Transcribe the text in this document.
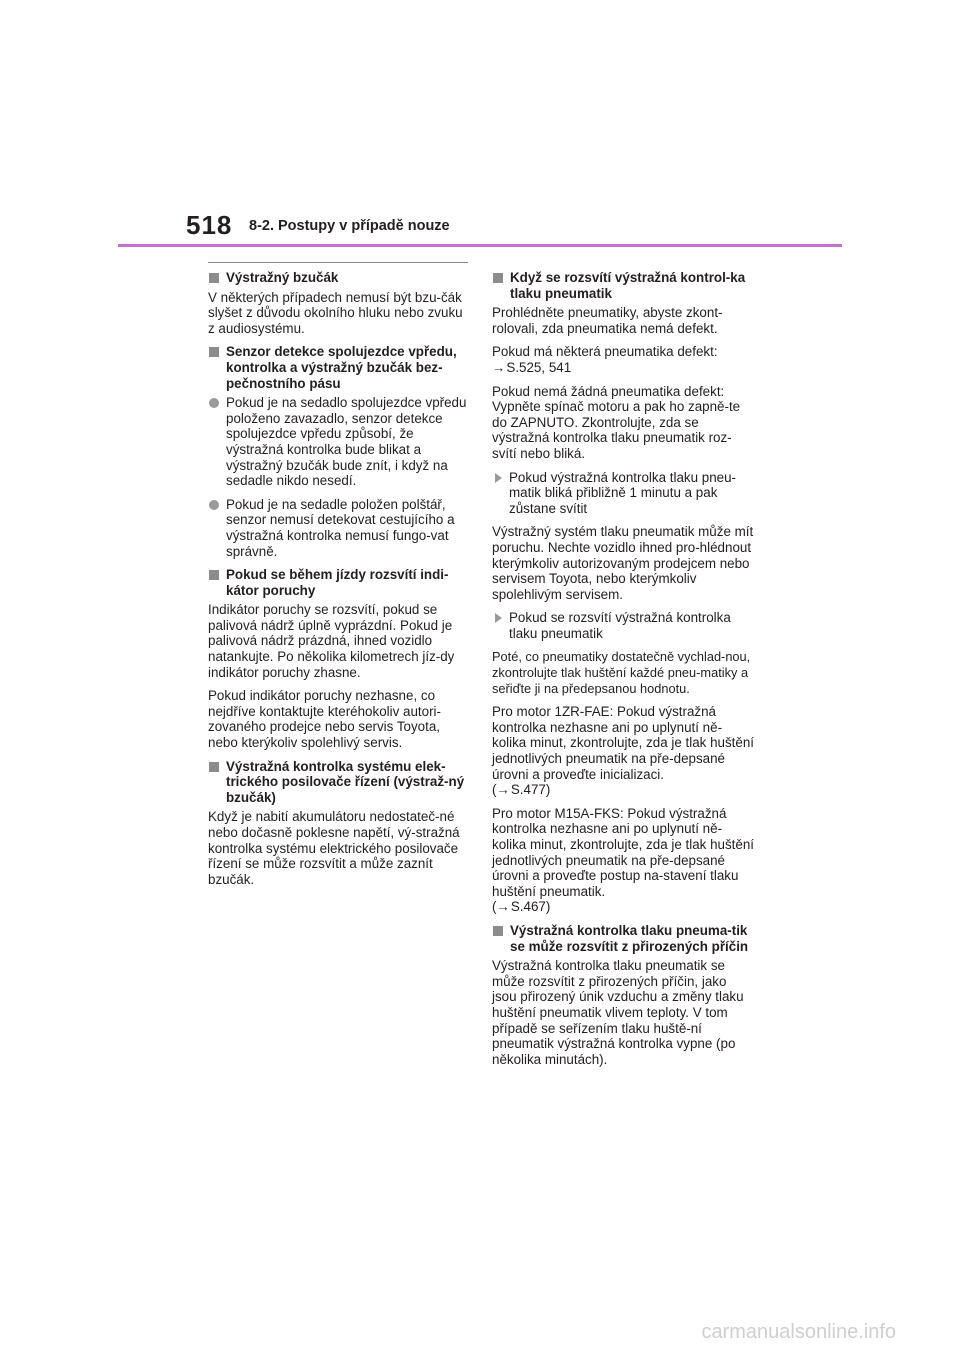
518 8-2. Postupy v případě nouze
Výstražný bzučák

V některých případech nemusí být bzu-čák slyšet z důvodu okolního hluku nebo zvuku z audiosystému.

Senzor detekce spolujezdce vpředu, kontrolka a výstražný bzučák bez-pečnostního pásu
Pokud je na sedadlo spolujezdce vpředu položeno zavazadlo, senzor detekce spolujezdce vpředu způsobí, že výstražná kontrolka bude blikat a výstražný bzučák bude znít, i když na sedadle nikdo nesedí.
Pokud je na sedadle položen polštář, senzor nemusí detekovat cestujícího a výstražná kontrolka nemusí fungo-vat správně.
Pokud se během jízdy rozsvítí indi-kátor poruchy

Indikátor poruchy se rozsvítí, pokud se palivová nádrž úplně vyprázdní. Pokud je palivová nádrž prázdná, ihned vozidlo natankujte. Po několika kilometrech jíz-dy indikátor poruchy zhasne.

Pokud indikátor poruchy nezhasne, co nejdříve kontaktujte kteréhokoliv autori-zovaného prodejce nebo servis Toyota, nebo kterýkoliv spolehlivý servis.

Výstražná kontrolka systému elek-trického posilovače řízení (výstraž-ný bzučák)

Když je nabití akumulátoru nedostateč-né nebo dočasně poklesne napětí, vý-stražná kontrolka systému elektrického posilovače řízení se může rozsvítit a může zaznít bzučák.

Když se rozsvítí výstražná kontrol-ka tlaku pneumatik

Prohlédněte pneumatiky, abyste zkont-rolovali, zda pneumatika nemá defekt.

Pokud má některá pneumatika defekt:
→S.525, 541

Pokud nemá žádná pneumatika defekt: Vypněte spínač motoru a pak ho zapně-te do ZAPNUTO. Zkontrolujte, zda se výstražná kontrolka tlaku pneumatik roz-svítí nebo bliká.

Pokud výstražná kontrolka tlaku pneu-matik bliká přibližně 1 minutu a pak zůstane svítit

Výstražný systém tlaku pneumatik může mít poruchu. Nechte vozidlo ihned pro-hlédnout kterýmkoliv autorizovaným prodejcem nebo servisem Toyota, nebo kterýmkoliv spolehlivým servisem.

Pokud se rozsvítí výstražná kontrolka tlaku pneumatik

Poté, co pneumatiky dostatečně vychlad-nou, zkontrolujte tlak huštění každé pneu-matiky a seřiďte ji na předepsanou hodnotu.

Pro motor 1ZR-FAE: Pokud výstražná kontrolka nezhasne ani po uplynutí ně-kolika minut, zkontrolujte, zda je tlak huštění jednotlivých pneumatik na pře-depsané úrovni a proveďte inicializaci.
(→S.477)

Pro motor M15A-FKS: Pokud výstražná kontrolka nezhasne ani po uplynutí ně-kolika minut, zkontrolujte, zda je tlak huštění jednotlivých pneumatik na pře-depsané úrovni a proveďte postup na-stavení tlaku huštění pneumatik.
(→S.467)

Výstražná kontrolka tlaku pneuma-tik se může rozsvítit z přirozených příčin

Výstražná kontrolka tlaku pneumatik se může rozsvítit z přirozených příčin, jako jsou přirozený únik vzduchu a změny tlaku huštění pneumatik vlivem teploty. V tom případě se seřízením tlaku huště-ní pneumatik výstražná kontrolka vypne (po několika minutách).

carmanualsonline.info
